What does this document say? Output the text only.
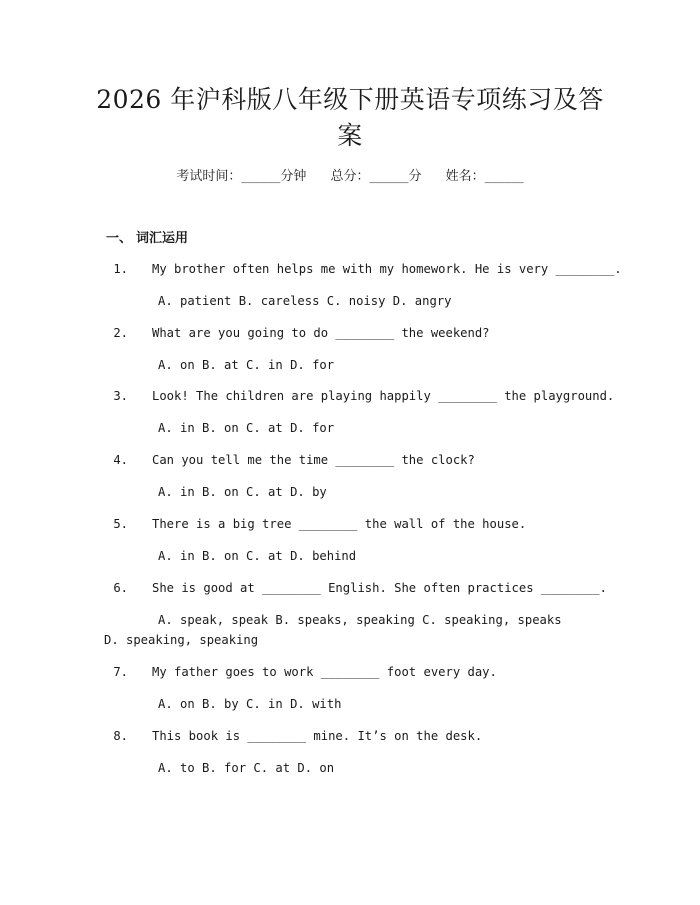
2026 年沪科版八年级下册英语专项练习及答
案
考试时间：______分钟 总分：______分 姓名：______
一、 词汇运用
1. My brother often helps me with my homework. He is very ________.
A. patient B. careless C. noisy D. angry
2. What are you going to do ________ the weekend?
A. on B. at C. in D. for
3. Look! The children are playing happily ________ the playground.
A. in B. on C. at D. for
4. Can you tell me the time ________ the clock?
A. in B. on C. at D. by
5. There is a big tree ________ the wall of the house.
A. in B. on C. at D. behind
6. She is good at ________ English. She often practices ________.
A. speak, speak B. speaks, speaking C. speaking, speaks D. speaking, speaking
7. My father goes to work ________ foot every day.
A. on B. by C. in D. with
8. This book is ________ mine. It’s on the desk.
A. to B. for C. at D. on
